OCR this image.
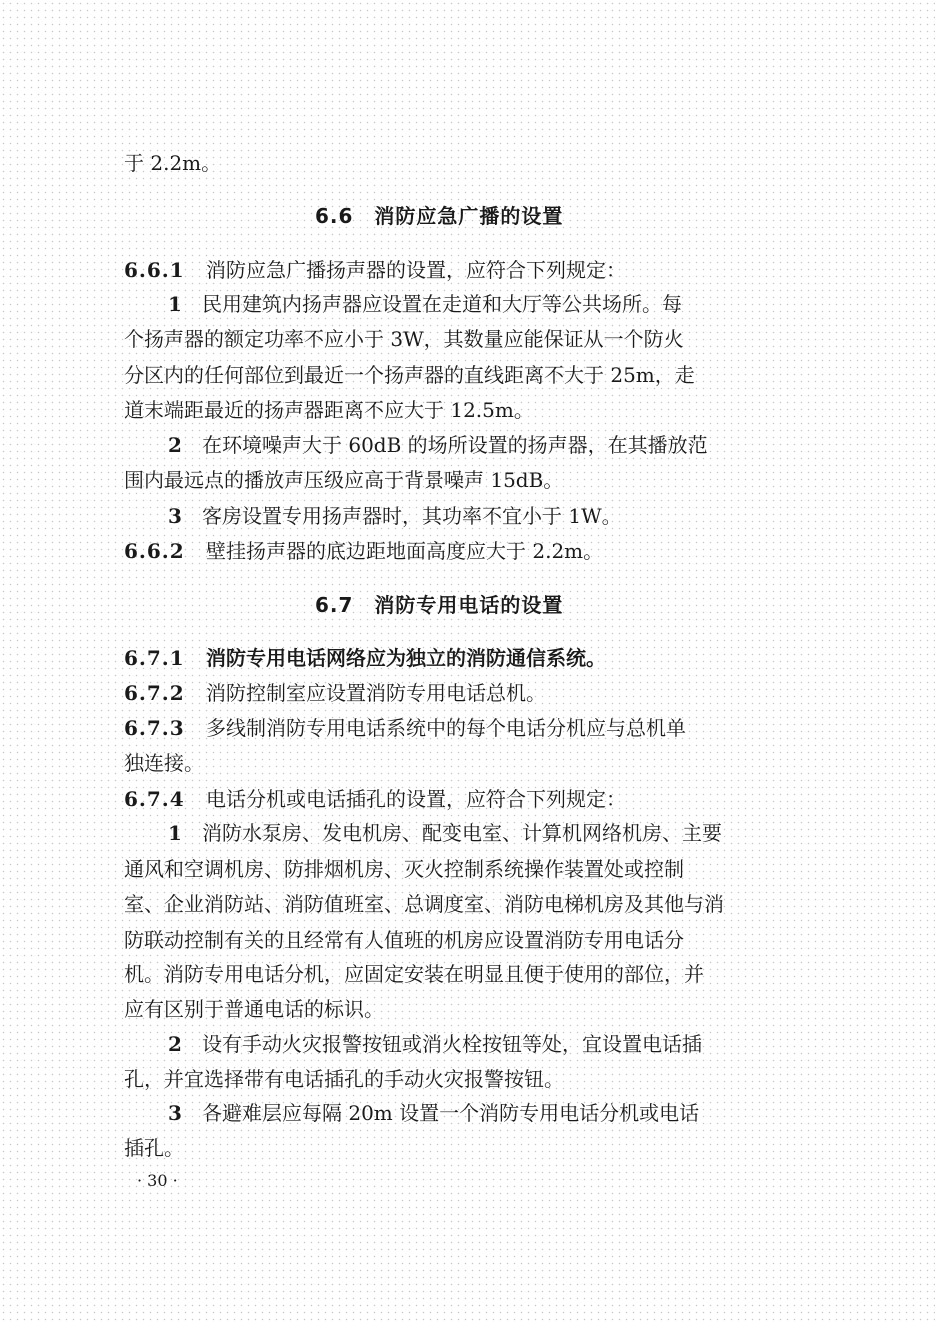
于 2.2m。
6.6　消防应急广播的设置
6.6.1 消防应急广播扬声器的设置，应符合下列规定：
1 民用建筑内扬声器应设置在走道和大厅等公共场所。每
个扬声器的额定功率不应小于 3W，其数量应能保证从一个防火
分区内的任何部位到最近一个扬声器的直线距离不大于 25m，走
道末端距最近的扬声器距离不应大于 12.5m。
2 在环境噪声大于 60dB 的场所设置的扬声器，在其播放范
围内最远点的播放声压级应高于背景噪声 15dB。
3 客房设置专用扬声器时，其功率不宜小于 1W。
6.6.2 壁挂扬声器的底边距地面高度应大于 2.2m。
6.7　消防专用电话的设置
6.7.1 消防专用电话网络应为独立的消防通信系统。
6.7.2 消防控制室应设置消防专用电话总机。
6.7.3 多线制消防专用电话系统中的每个电话分机应与总机单
独连接。
6.7.4 电话分机或电话插孔的设置，应符合下列规定：
1 消防水泵房、发电机房、配变电室、计算机网络机房、主要
通风和空调机房、防排烟机房、灭火控制系统操作装置处或控制
室、企业消防站、消防值班室、总调度室、消防电梯机房及其他与消
防联动控制有关的且经常有人值班的机房应设置消防专用电话分
机。消防专用电话分机，应固定安装在明显且便于使用的部位，并
应有区别于普通电话的标识。
2 设有手动火灾报警按钮或消火栓按钮等处，宜设置电话插
孔，并宜选择带有电话插孔的手动火灾报警按钮。
3 各避难层应每隔 20m 设置一个消防专用电话分机或电话
插孔。
· 30 ·
